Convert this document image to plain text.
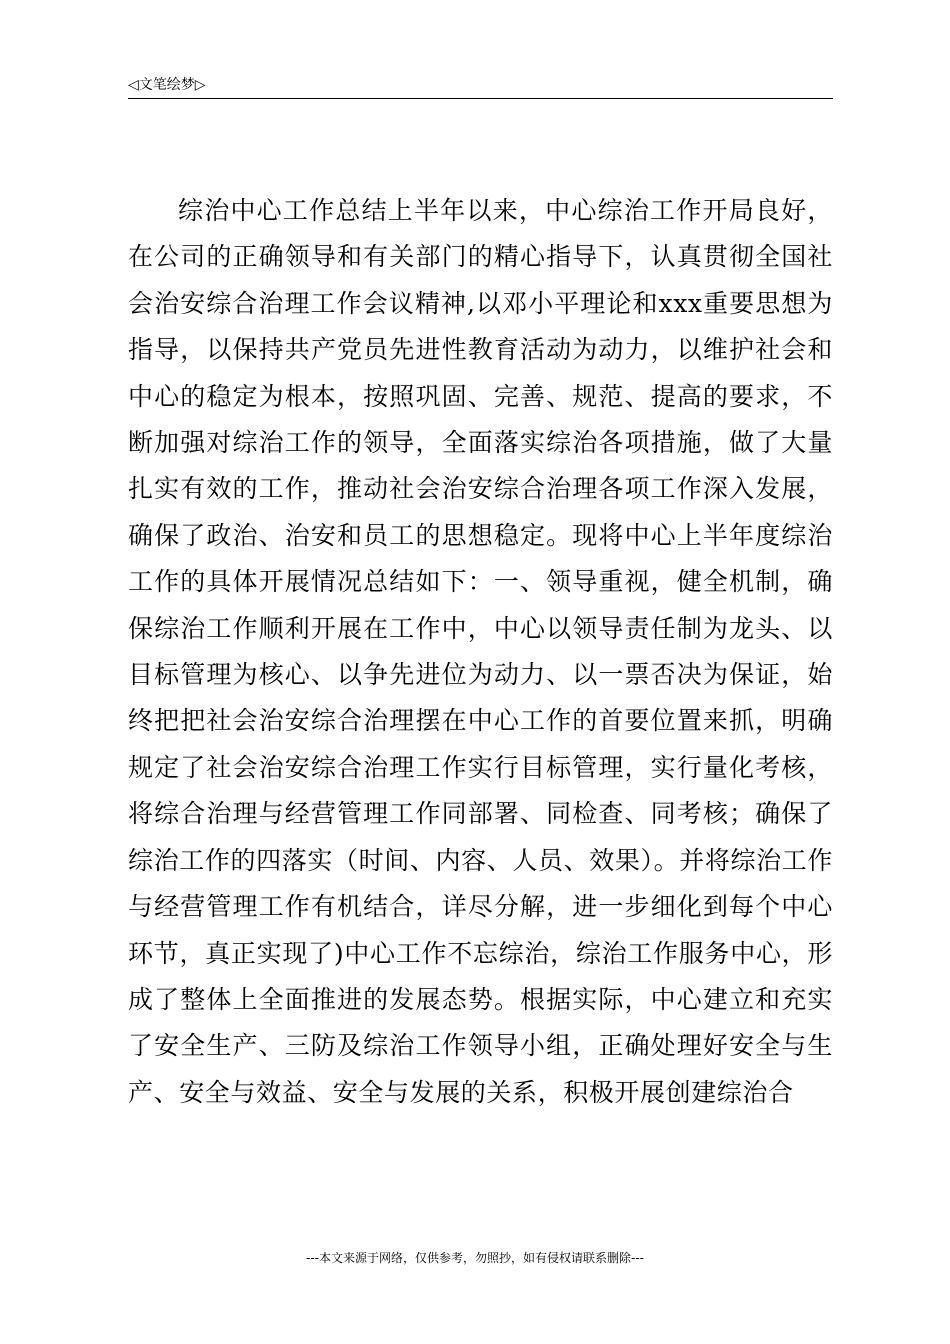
◁文笔绘梦▷

综治中心工作总结上半年以来，中心综治工作开局良好，在公司的正确领导和有关部门的精心指导下，认真贯彻全国社会治安综合治理工作会议精神,以邓小平理论和xxx重要思想为指导，以保持共产党员先进性教育活动为动力，以维护社会和中心的稳定为根本，按照巩固、完善、规范、提高的要求，不断加强对综治工作的领导，全面落实综治各项措施，做了大量扎实有效的工作，推动社会治安综合治理各项工作深入发展，确保了政治、治安和员工的思想稳定。现将中心上半年度综治工作的具体开展情况总结如下：一、领导重视，健全机制，确保综治工作顺利开展在工作中，中心以领导责任制为龙头、以目标管理为核心、以争先进位为动力、以一票否决为保证，始终把把社会治安综合治理摆在中心工作的首要位置来抓，明确规定了社会治安综合治理工作实行目标管理，实行量化考核，将综合治理与经营管理工作同部署、同检查、同考核；确保了综治工作的四落实（时间、内容、人员、效果）。并将综治工作与经营管理工作有机结合，详尽分解，进一步细化到每个中心环节，真正实现了)中心工作不忘综治，综治工作服务中心，形成了整体上全面推进的发展态势。根据实际，中心建立和充实了安全生产、三防及综治工作领导小组，正确处理好安全与生产、安全与效益、安全与发展的关系，积极开展创建综治合

---本文来源于网络，仅供参考，勿照抄，如有侵权请联系删除---
